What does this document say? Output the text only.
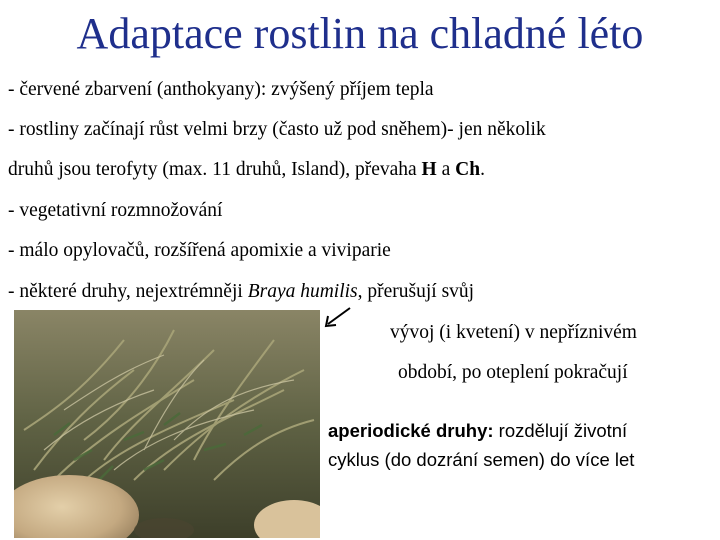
Adaptace rostlin na chladné léto
- červené zbarvení (anthokyany): zvýšený příjem tepla
- rostliny začínají růst velmi brzy (často už pod sněhem)- jen několik
druhů jsou terofyty (max. 11 druhů, Island), převaha H a Ch.
- vegetativní rozmnožování
- málo opylovačů, rozšířená apomixie a viviparie
- některé druhy, nejextrémněji Braya humilis, přerušují svůj
vývoj (i kvetení) v nepříznivém
období, po oteplení pokračují
aperiodické druhy: rozdělují životní
cyklus (do dozrání semen) do více let
